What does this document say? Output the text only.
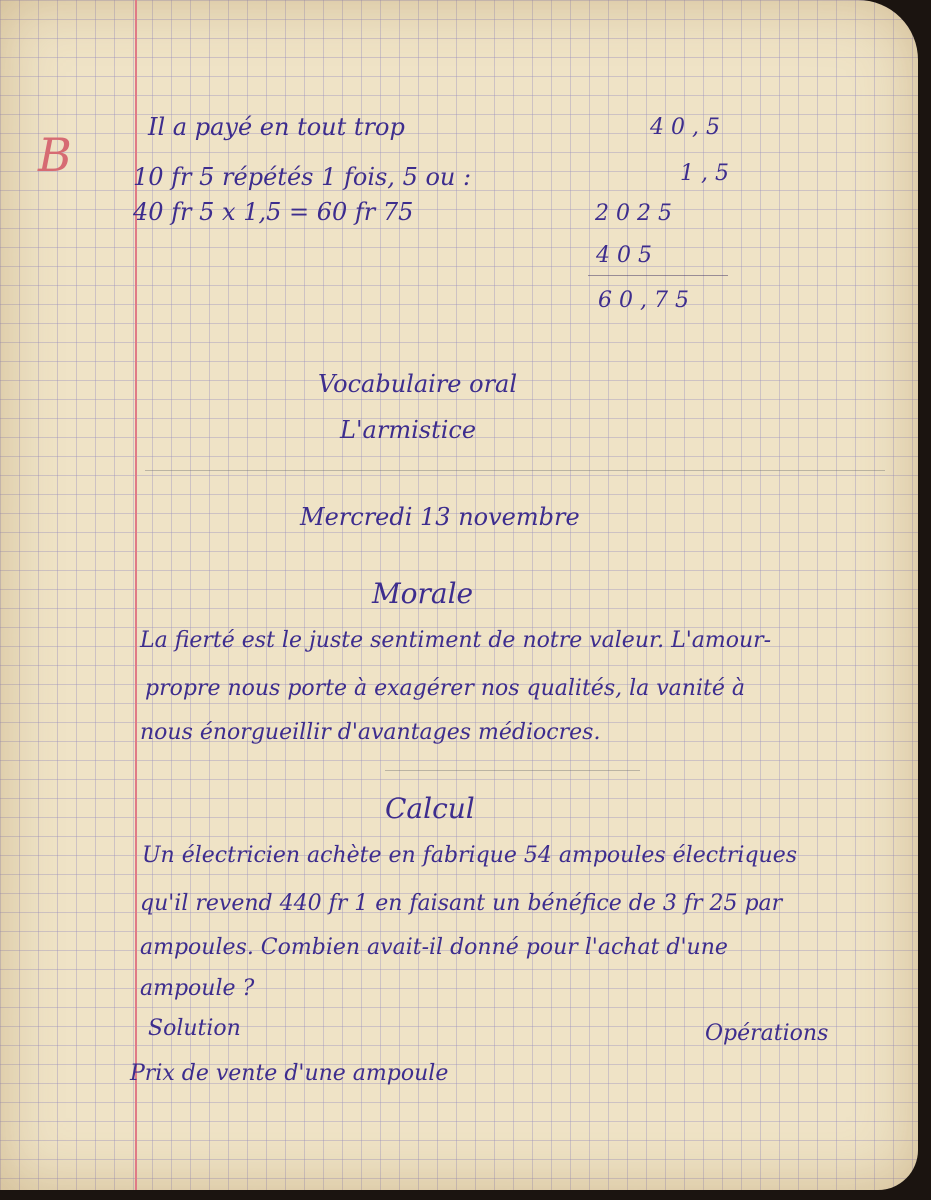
B
Il a payé en tout trop
10 fr 5 répétés 1 fois, 5 ou :
40 fr 5 x 1,5 = 60 fr 75
4 0 , 5
1 , 5
2 0 2 5
4 0 5
6 0 , 7 5
Vocabulaire oral
L'armistice
Mercredi 13 novembre
Morale
La fierté est le juste sentiment de notre valeur. L'amour-
propre nous porte à exagérer nos qualités, la vanité à
nous énorgueillir d'avantages médiocres.
Calcul
Un électricien achète en fabrique 54 ampoules électriques
qu'il revend 440 fr 1 en faisant un bénéfice de 3 fr 25 par
ampoules. Combien avait-il donné pour l'achat d'une
ampoule ?
Solution	Opérations
Prix de vente d'une ampoule
